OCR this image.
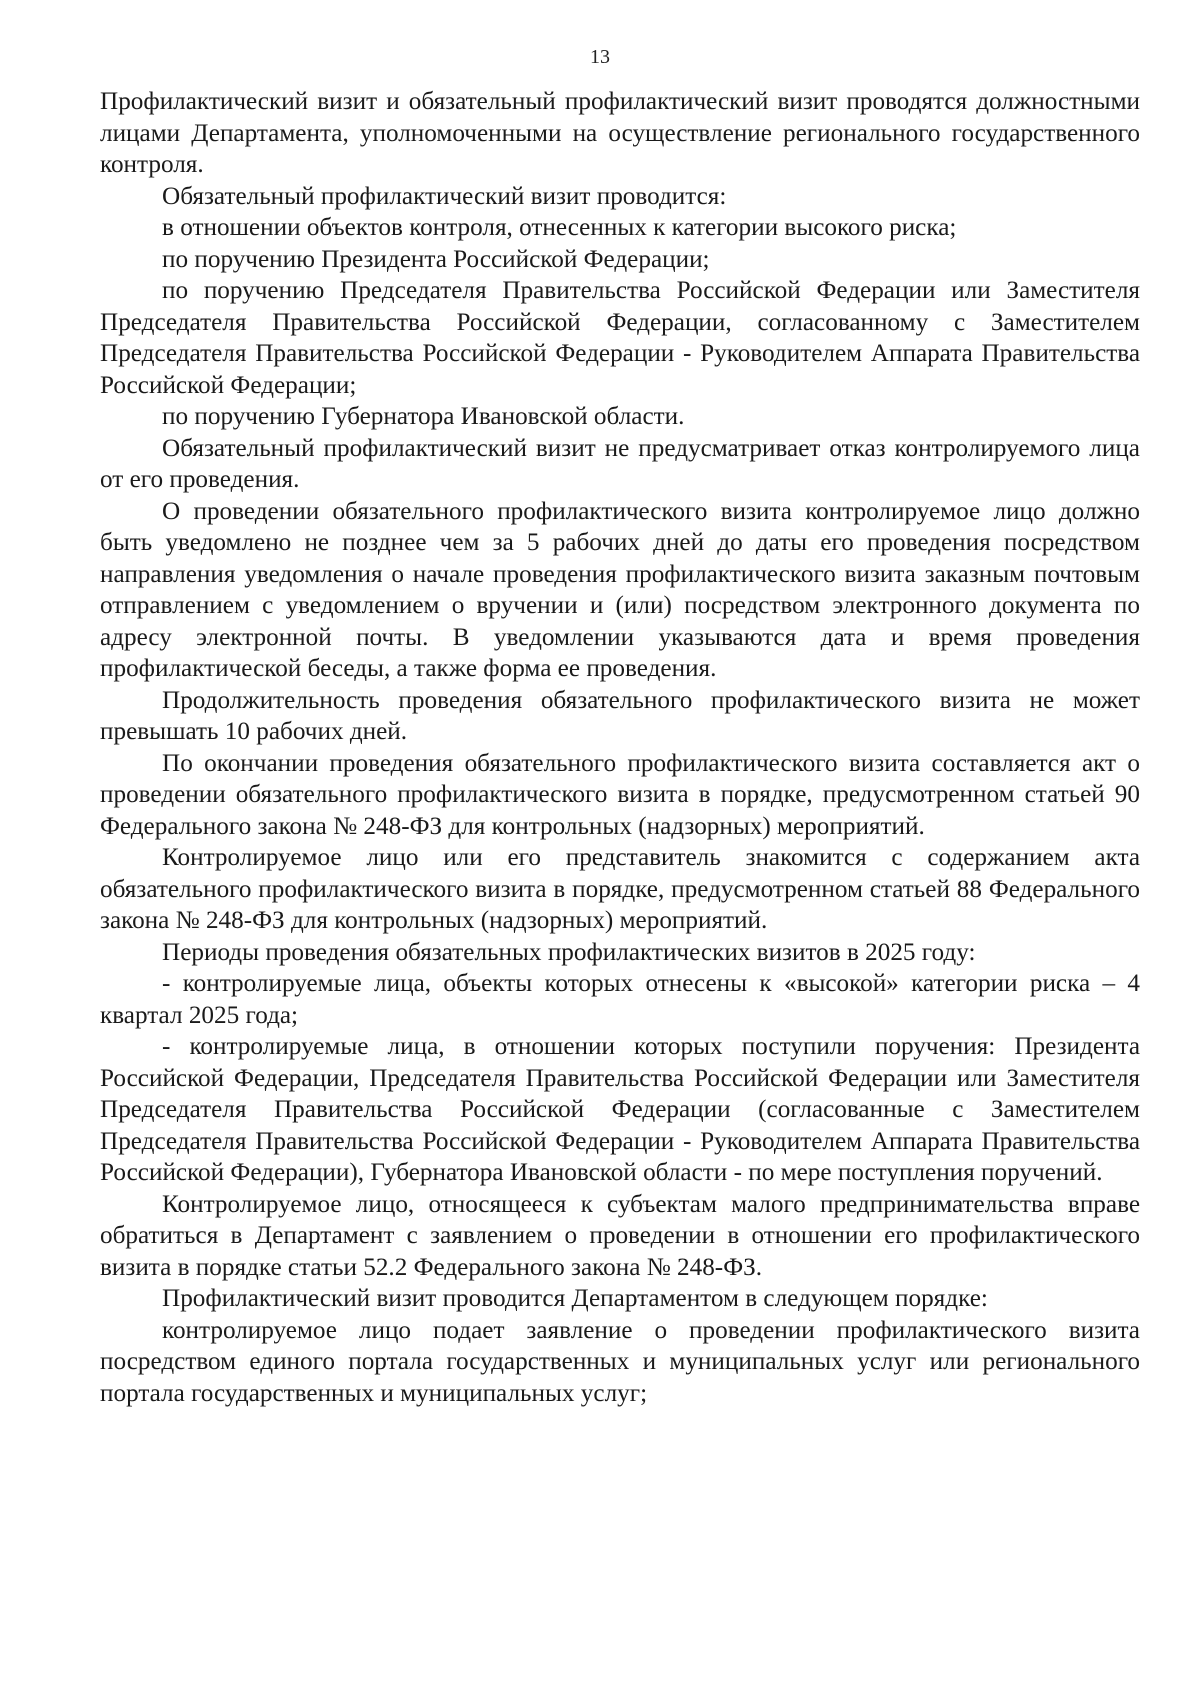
13

Профилактический визит и обязательный профилактический визит проводятся должностными лицами Департамента, уполномоченными на осуществление регионального государственного контроля.

Обязательный профилактический визит проводится:

в отношении объектов контроля, отнесенных к категории высокого риска;

по поручению Президента Российской Федерации;

по поручению Председателя Правительства Российской Федерации или Заместителя Председателя Правительства Российской Федерации, согласованному с Заместителем Председателя Правительства Российской Федерации - Руководителем Аппарата Правительства Российской Федерации;

по поручению Губернатора Ивановской области.

Обязательный профилактический визит не предусматривает отказ контролируемого лица от его проведения.

О проведении обязательного профилактического визита контролируемое лицо должно быть уведомлено не позднее чем за 5 рабочих дней до даты его проведения посредством направления уведомления о начале проведения профилактического визита заказным почтовым отправлением с уведомлением о вручении и (или) посредством электронного документа по адресу электронной почты. В уведомлении указываются дата и время проведения профилактической беседы, а также форма ее проведения.

Продолжительность проведения обязательного профилактического визита не может превышать 10 рабочих дней.

По окончании проведения обязательного профилактического визита составляется акт о проведении обязательного профилактического визита в порядке, предусмотренном статьей 90 Федерального закона № 248-ФЗ для контрольных (надзорных) мероприятий.

Контролируемое лицо или его представитель знакомится с содержанием акта обязательного профилактического визита в порядке, предусмотренном статьей 88 Федерального закона № 248-ФЗ для контрольных (надзорных) мероприятий.

Периоды проведения обязательных профилактических визитов в 2025 году:

- контролируемые лица, объекты которых отнесены к «высокой» категории риска – 4 квартал 2025 года;

- контролируемые лица, в отношении которых поступили поручения: Президента Российской Федерации, Председателя Правительства Российской Федерации или Заместителя Председателя Правительства Российской Федерации (согласованные с Заместителем Председателя Правительства Российской Федерации - Руководителем Аппарата Правительства Российской Федерации), Губернатора Ивановской области - по мере поступления поручений.

Контролируемое лицо, относящееся к субъектам малого предпринимательства вправе обратиться в Департамент с заявлением о проведении в отношении его профилактического визита в порядке статьи 52.2 Федерального закона № 248-ФЗ.

Профилактический визит проводится Департаментом в следующем порядке:

контролируемое лицо подает заявление о проведении профилактического визита посредством единого портала государственных и муниципальных услуг или регионального портала государственных и муниципальных услуг;
